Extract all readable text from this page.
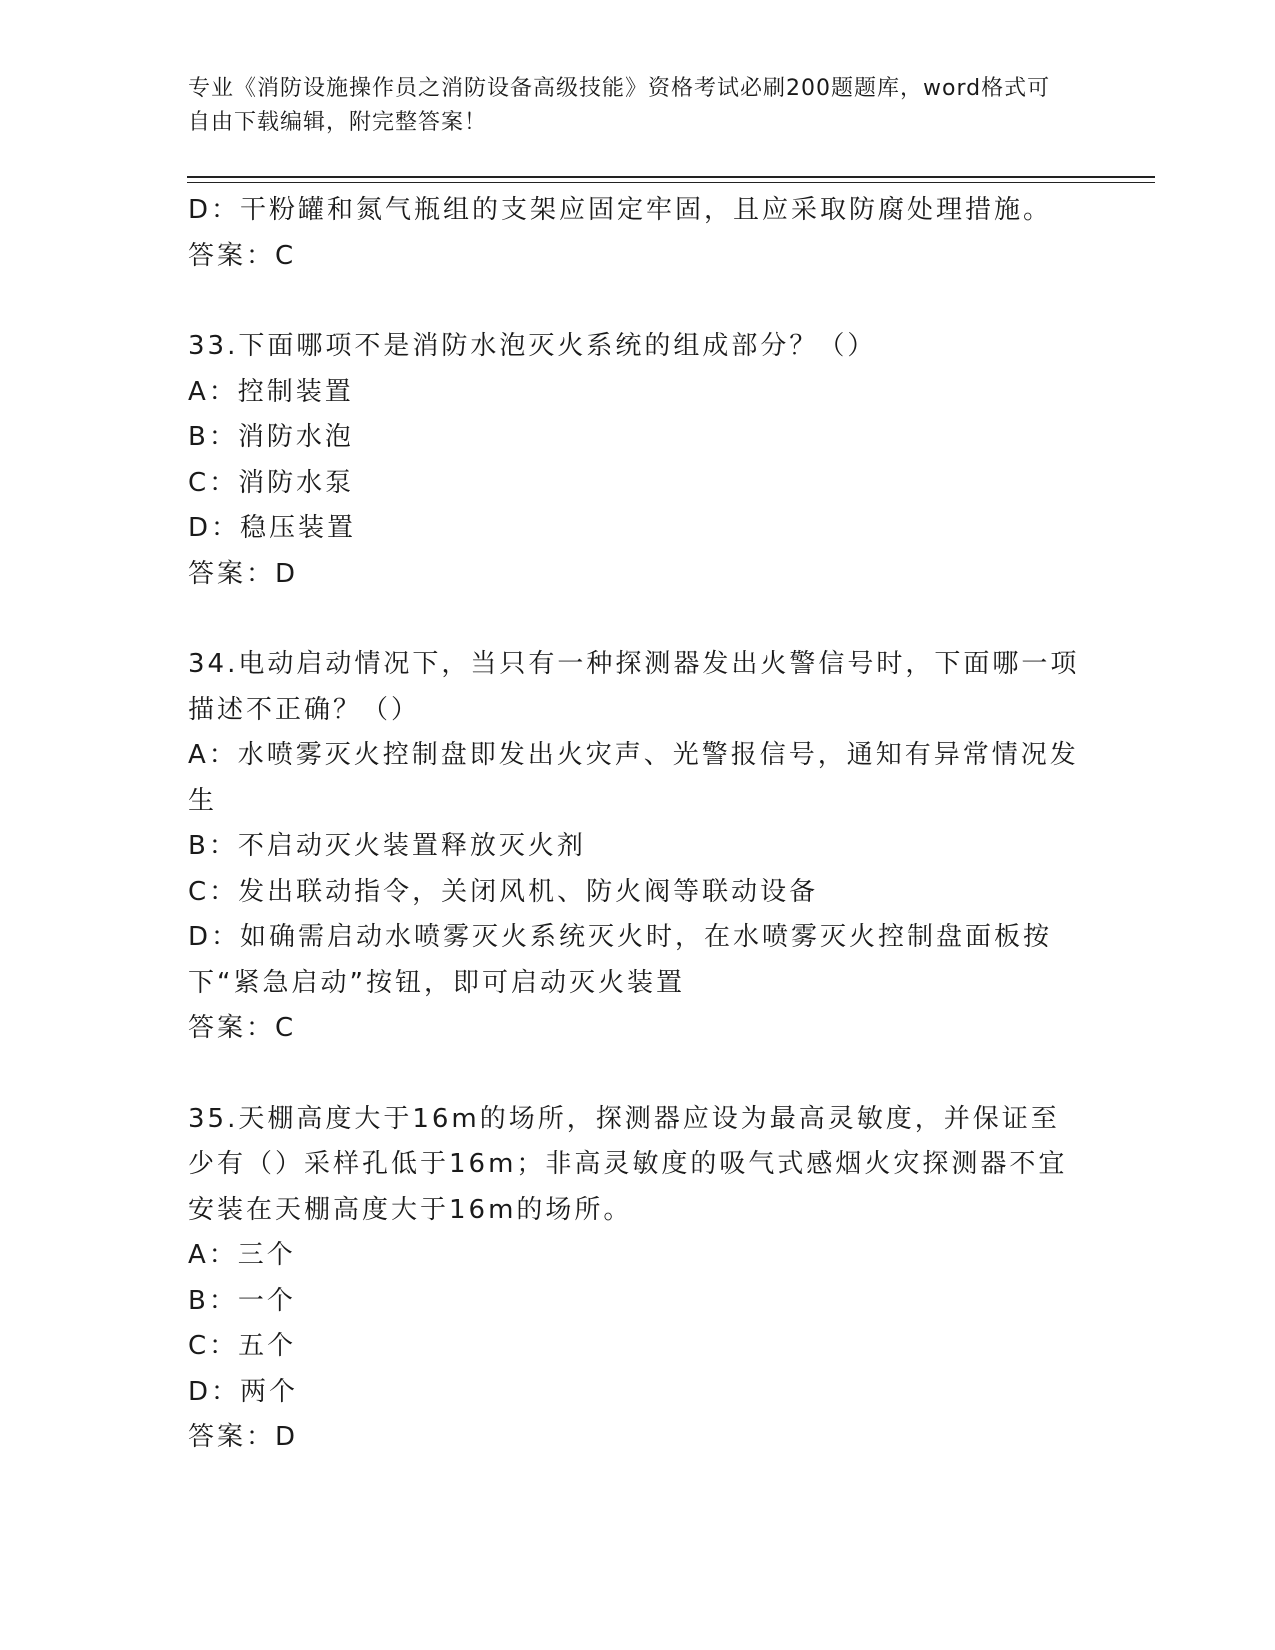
专业《消防设施操作员之消防设备高级技能》资格考试必刷200题题库，word格式可自由下载编辑，附完整答案！

D：干粉罐和氮气瓶组的支架应固定牢固，且应采取防腐处理措施。

答案：C

33.下面哪项不是消防水泡灭火系统的组成部分？（）

A：控制装置

B：消防水泡

C：消防水泵

D：稳压装置

答案：D

34.电动启动情况下，当只有一种探测器发出火警信号时，下面哪一项描述不正确？（）

A：水喷雾灭火控制盘即发出火灾声、光警报信号，通知有异常情况发生

B：不启动灭火装置释放灭火剂

C：发出联动指令，关闭风机、防火阀等联动设备

D：如确需启动水喷雾灭火系统灭火时，在水喷雾灭火控制盘面板按下“紧急启动”按钮，即可启动灭火装置

答案：C

35.天棚高度大于16m的场所，探测器应设为最高灵敏度，并保证至少有（）采样孔低于16m；非高灵敏度的吸气式感烟火灾探测器不宜安装在天棚高度大于16m的场所。

A：三个

B：一个

C：五个

D：两个

答案：D
